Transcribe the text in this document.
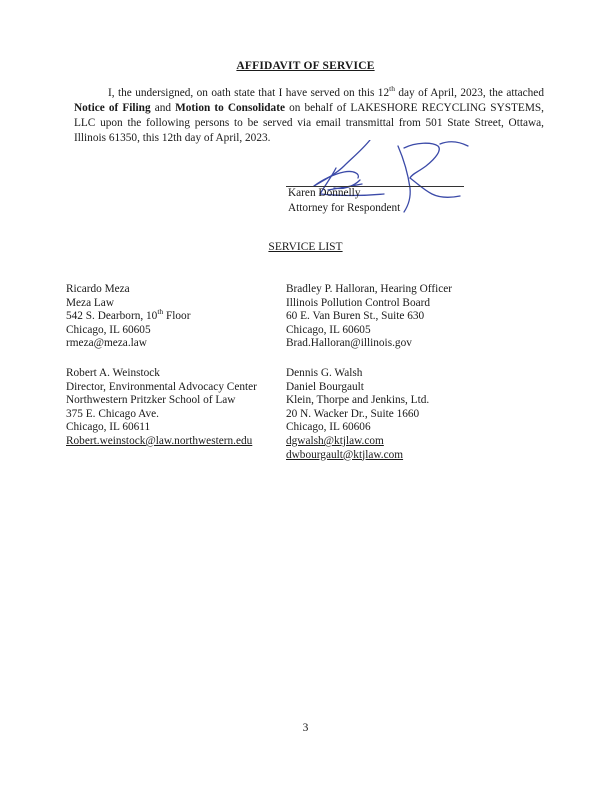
AFFIDAVIT OF SERVICE
I, the undersigned, on oath state that I have served on this 12th day of April, 2023, the attached Notice of Filing and Motion to Consolidate on behalf of LAKESHORE RECYCLING SYSTEMS, LLC upon the following persons to be served via email transmittal from 501 State Street, Ottawa, Illinois 61350, this 12th day of April, 2023.
Karen Donnelly
Attorney for Respondent
SERVICE LIST
Ricardo Meza
Meza Law
542 S. Dearborn, 10th Floor
Chicago, IL 60605
rmeza@meza.law
Bradley P. Halloran, Hearing Officer
Illinois Pollution Control Board
60 E. Van Buren St., Suite 630
Chicago, IL 60605
Brad.Halloran@illinois.gov
Robert A. Weinstock
Director, Environmental Advocacy Center
Northwestern Pritzker School of Law
375 E. Chicago Ave.
Chicago, IL 60611
Robert.weinstock@law.northwestern.edu
Dennis G. Walsh
Daniel Bourgault
Klein, Thorpe and Jenkins, Ltd.
20 N. Wacker Dr., Suite 1660
Chicago, IL 60606
dgwalsh@ktjlaw.com
dwbourgault@ktjlaw.com
3
